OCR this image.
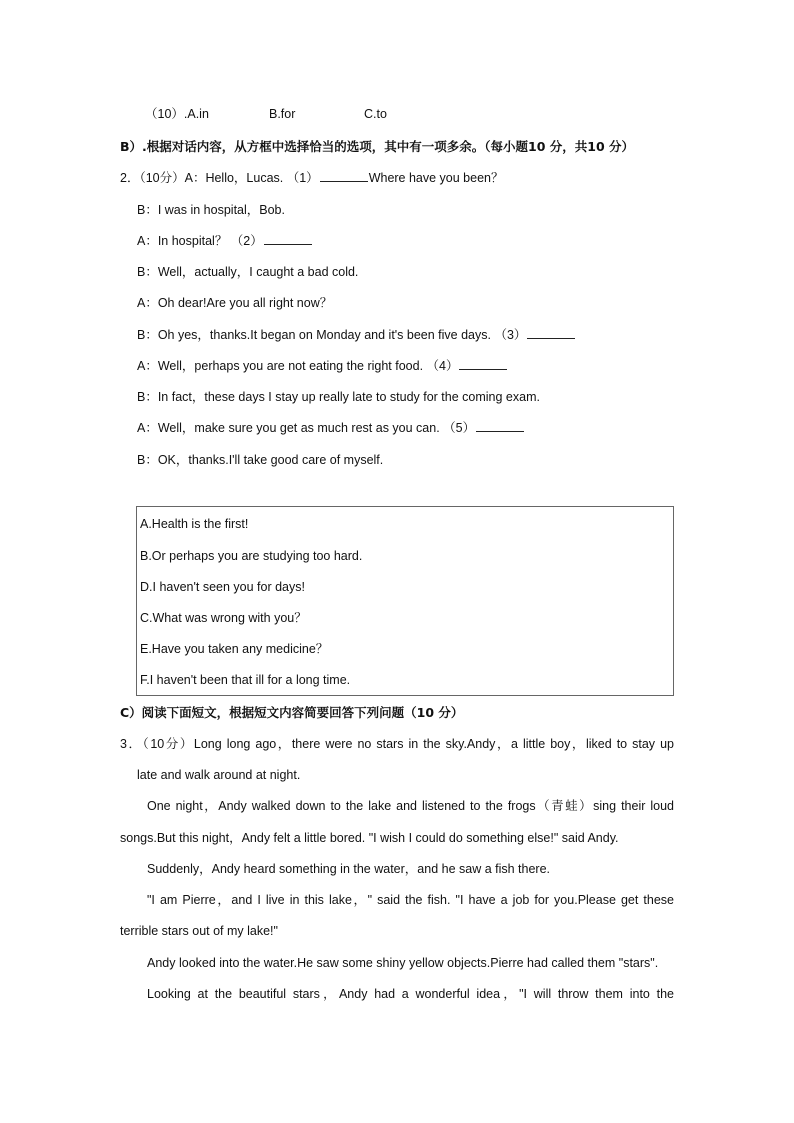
（10）.A.in	B.for	C.to
B）.根据对话内容，从方框中选择恰当的选项，其中有一项多余。（每小题10 分，共10 分）
2．（10分）A：Hello，Lucas. （1）	Where have you been？
B：I was in hospital，Bob.
A：In hospital？ （2）
B：Well，actually，I caught a bad cold.
A：Oh dear!Are you all right now？
B：Oh yes，thanks.It began on Monday and it's been five days. （3）
A：Well，perhaps you are not eating the right food. （4）
B：In fact，these days I stay up really late to study for the coming exam.
A：Well，make sure you get as much rest as you can. （5）
B：OK，thanks.I'll take good care of myself.
A.Health is the first!
B.Or perhaps you are studying too hard.
D.I haven't seen you for days!
C.What was wrong with you？
E.Have you taken any medicine？
F.I haven't been that ill for a long time.
C）阅读下面短文，根据短文内容简要回答下列问题（10 分）
3．（10分）Long long ago，there were no stars in the sky.Andy，a little boy，liked to stay up
late and walk around at night.
One night，Andy walked down to the lake and listened to the frogs（青蛙）sing their loud
songs.But this night，Andy felt a little bored. "I wish I could do something else!" said Andy.
Suddenly，Andy heard something in the water，and he saw a fish there.
"I am Pierre，and I live in this lake，" said the fish. "I have a job for you.Please get these
terrible stars out of my lake!"
Andy looked into the water.He saw some shiny yellow objects.Pierre had called them "stars".
Looking at the beautiful stars，Andy had a wonderful idea，"I will throw them into the
